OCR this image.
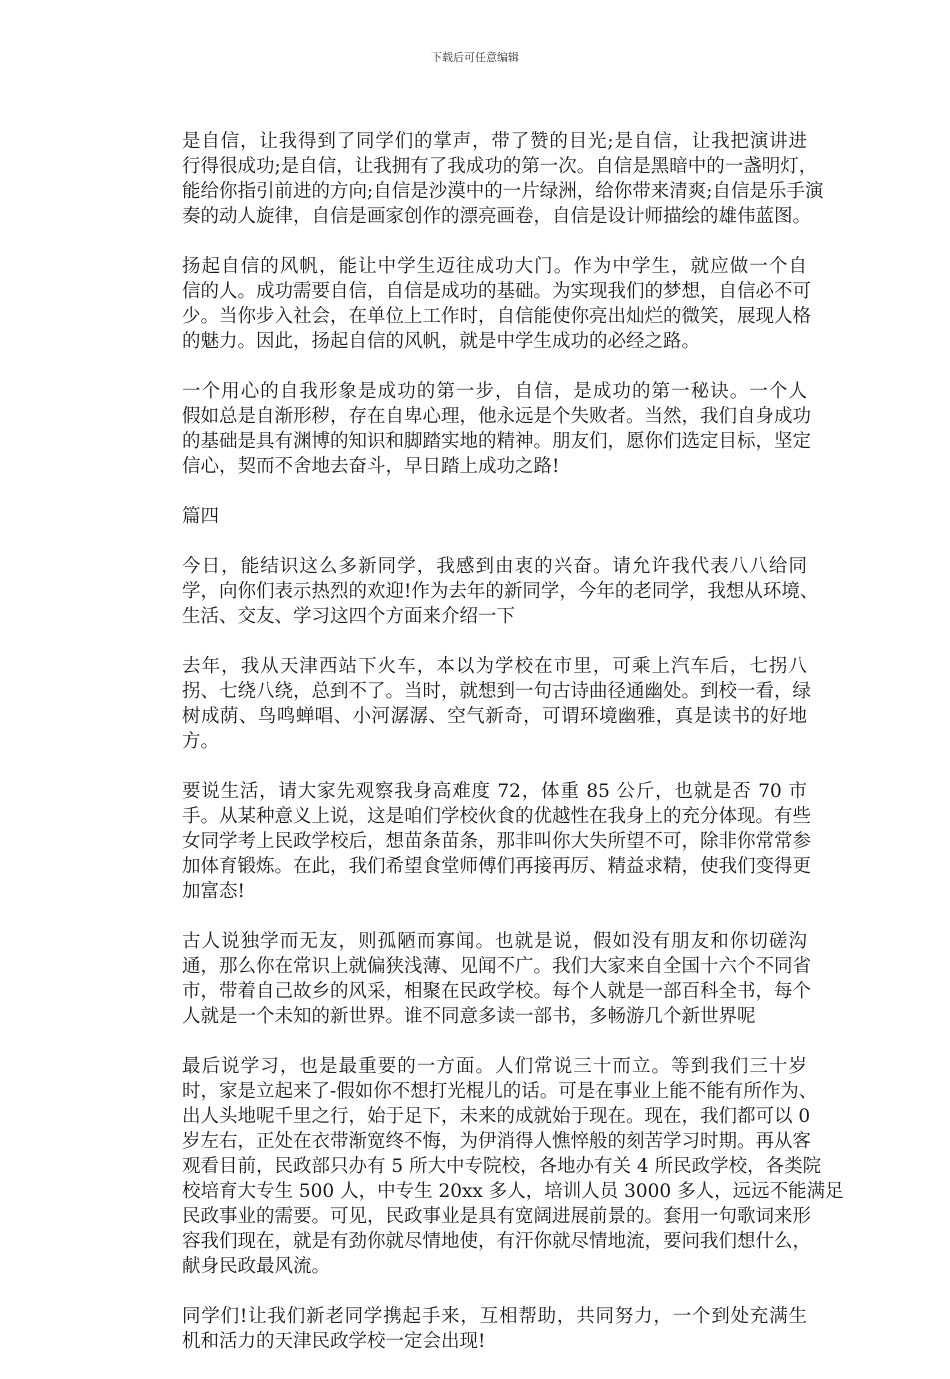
下载后可任意编辑
是自信，让我得到了同学们的掌声，带了赞的目光;是自信，让我把演讲进
行得很成功;是自信，让我拥有了我成功的第一次。自信是黑暗中的一盏明灯，
能给你指引前进的方向;自信是沙漠中的一片绿洲，给你带来清爽;自信是乐手演
奏的动人旋律，自信是画家创作的漂亮画卷，自信是设计师描绘的雄伟蓝图。
扬起自信的风帆，能让中学生迈往成功大门。作为中学生，就应做一个自
信的人。成功需要自信，自信是成功的基础。为实现我们的梦想，自信必不可
少。当你步入社会，在单位上工作时，自信能使你亮出灿烂的微笑，展现人格
的魅力。因此，扬起自信的风帆，就是中学生成功的必经之路。
一个用心的自我形象是成功的第一步，自信，是成功的第一秘诀。一个人
假如总是自渐形秽，存在自卑心理，他永远是个失败者。当然，我们自身成功
的基础是具有渊博的知识和脚踏实地的精神。朋友们，愿你们选定目标，坚定
信心，契而不舍地去奋斗，早日踏上成功之路!
篇四
今日，能结识这么多新同学，我感到由衷的兴奋。请允许我代表八八给同
学，向你们表示热烈的欢迎!作为去年的新同学，今年的老同学，我想从环境、
生活、交友、学习这四个方面来介绍一下
去年，我从天津西站下火车，本以为学校在市里，可乘上汽车后，七拐八
拐、七绕八绕，总到不了。当时，就想到一句古诗曲径通幽处。到校一看，绿
树成荫、鸟鸣蝉唱、小河潺潺、空气新奇，可谓环境幽雅，真是读书的好地
方。
要说生活，请大家先观察我身高难度 72，体重 85 公斤，也就是否 70 市
手。从某种意义上说，这是咱们学校伙食的优越性在我身上的充分体现。有些
女同学考上民政学校后，想苗条苗条，那非叫你大失所望不可，除非你常常参
加体育锻炼。在此，我们希望食堂师傅们再接再厉、精益求精，使我们变得更
加富态!
古人说独学而无友，则孤陋而寡闻。也就是说，假如没有朋友和你切磋沟
通，那么你在常识上就偏狭浅薄、见闻不广。我们大家来自全国十六个不同省
市，带着自己故乡的风采，相聚在民政学校。每个人就是一部百科全书，每个
人就是一个未知的新世界。谁不同意多读一部书，多畅游几个新世界呢
最后说学习，也是最重要的一方面。人们常说三十而立。等到我们三十岁
时，家是立起来了-假如你不想打光棍儿的话。可是在事业上能不能有所作为、
出人头地呢千里之行，始于足下，未来的成就始于现在。现在，我们都可以 0
岁左右，正处在衣带渐宽终不悔，为伊消得人憔悴般的刻苦学习时期。再从客
观看目前，民政部只办有 5 所大中专院校，各地办有关 4 所民政学校，各类院
校培育大专生 500 人，中专生 20xx 多人，培训人员 3000 多人，远远不能满足
民政事业的需要。可见，民政事业是具有宽阔进展前景的。套用一句歌词来形
容我们现在，就是有劲你就尽情地使，有汗你就尽情地流，要问我们想什么，
献身民政最风流。
同学们!让我们新老同学携起手来，互相帮助，共同努力，一个到处充满生
机和活力的天津民政学校一定会出现!
